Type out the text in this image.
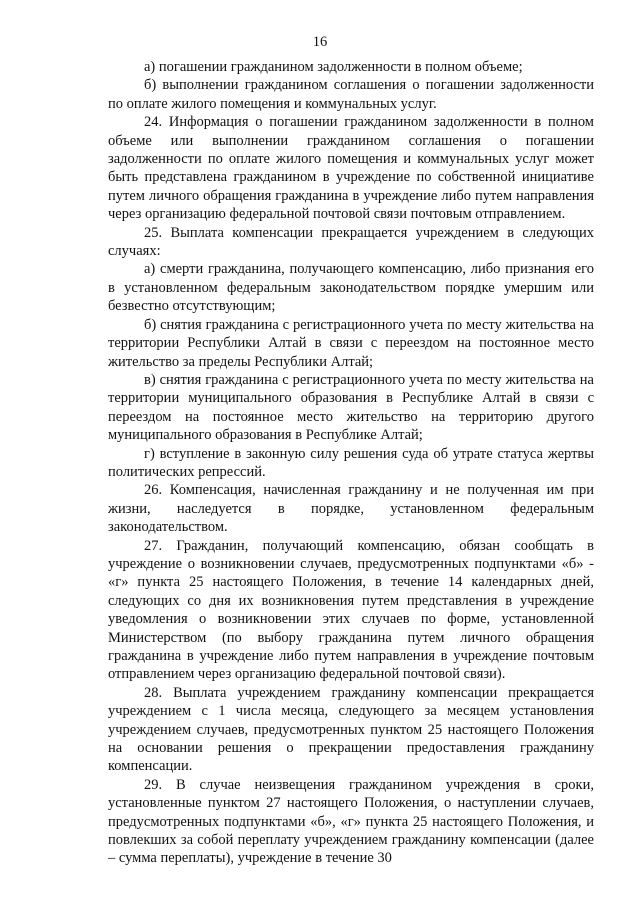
16

а) погашении гражданином задолженности в полном объеме;

б) выполнении гражданином соглашения о погашении задолженности по оплате жилого помещения и коммунальных услуг.

24. Информация о погашении гражданином задолженности в полном объеме или выполнении гражданином соглашения о погашении задолженности по оплате жилого помещения и коммунальных услуг может быть представлена гражданином в учреждение по собственной инициативе путем личного обращения гражданина в учреждение либо путем направления через организацию федеральной почтовой связи почтовым отправлением.

25. Выплата компенсации прекращается учреждением в следующих случаях:

а) смерти гражданина, получающего компенсацию, либо признания его в установленном федеральным законодательством порядке умершим или безвестно отсутствующим;

б) снятия гражданина с регистрационного учета по месту жительства на территории Республики Алтай в связи с переездом на постоянное место жительство за пределы Республики Алтай;

в) снятия гражданина с регистрационного учета по месту жительства на территории муниципального образования в Республике Алтай в связи с переездом на постоянное место жительство на территорию другого муниципального образования в Республике Алтай;

г) вступление в законную силу решения суда об утрате статуса жертвы политических репрессий.

26. Компенсация, начисленная гражданину и не полученная им при жизни, наследуется в порядке, установленном федеральным законодательством.

27. Гражданин, получающий компенсацию, обязан сообщать в учреждение о возникновении случаев, предусмотренных подпунктами «б» - «г» пункта 25 настоящего Положения, в течение 14 календарных дней, следующих со дня их возникновения путем представления в учреждение уведомления о возникновении этих случаев по форме, установленной Министерством (по выбору гражданина путем личного обращения гражданина в учреждение либо путем направления в учреждение почтовым отправлением через организацию федеральной почтовой связи).

28. Выплата учреждением гражданину компенсации прекращается учреждением с 1 числа месяца, следующего за месяцем установления учреждением случаев, предусмотренных пунктом 25 настоящего Положения на основании решения о прекращении предоставления гражданину компенсации.

29. В случае неизвещения гражданином учреждения в сроки, установленные пунктом 27 настоящего Положения, о наступлении случаев, предусмотренных подпунктами «б», «г» пункта 25 настоящего Положения, и повлекших за собой переплату учреждением гражданину компенсации (далее – сумма переплаты), учреждение в течение 30
